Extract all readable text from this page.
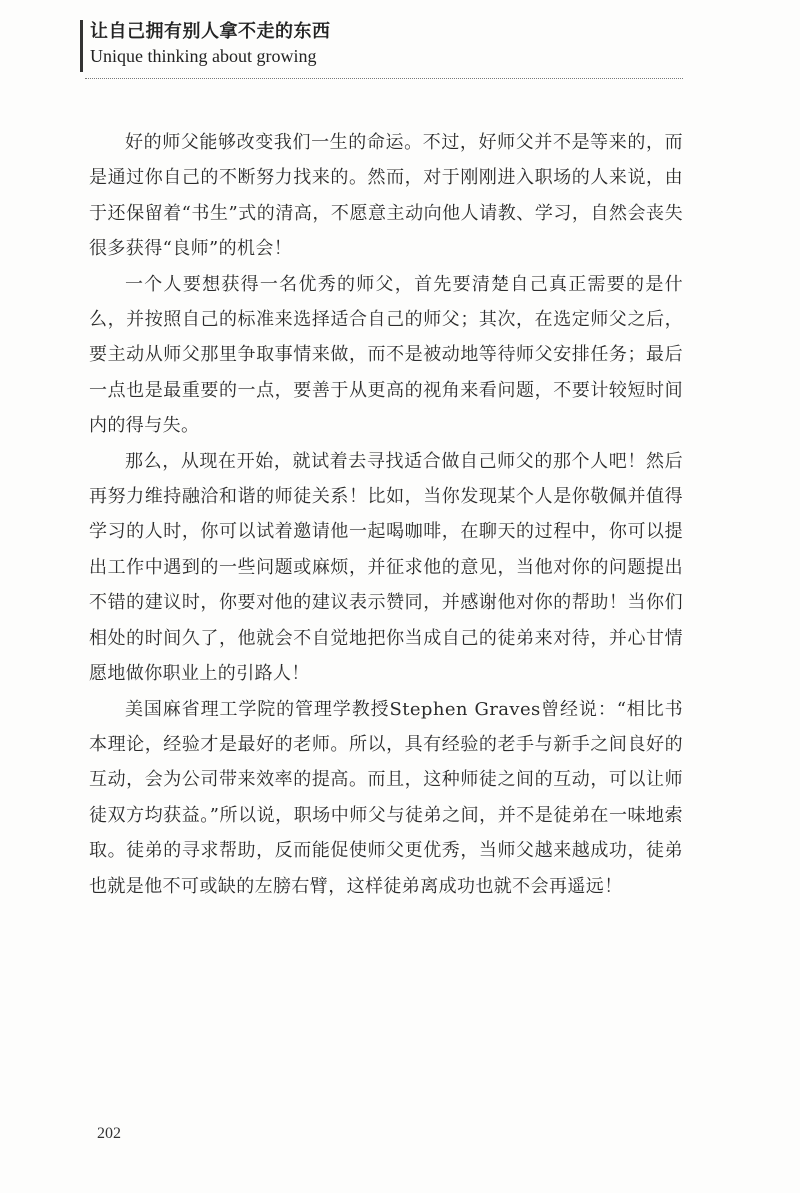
让自己拥有别人拿不走的东西
Unique thinking about growing

好的师父能够改变我们一生的命运。不过，好师父并不是等来的，而是通过你自己的不断努力找来的。然而，对于刚刚进入职场的人来说，由于还保留着“书生”式的清高，不愿意主动向他人请教、学习，自然会丧失很多获得“良师”的机会！

一个人要想获得一名优秀的师父，首先要清楚自己真正需要的是什么，并按照自己的标准来选择适合自己的师父；其次，在选定师父之后，要主动从师父那里争取事情来做，而不是被动地等待师父安排任务；最后一点也是最重要的一点，要善于从更高的视角来看问题，不要计较短时间内的得与失。

那么，从现在开始，就试着去寻找适合做自己师父的那个人吧！然后再努力维持融洽和谐的师徒关系！比如，当你发现某个人是你敬佩并值得学习的人时，你可以试着邀请他一起喝咖啡，在聊天的过程中，你可以提出工作中遇到的一些问题或麻烦，并征求他的意见，当他对你的问题提出不错的建议时，你要对他的建议表示赞同，并感谢他对你的帮助！当你们相处的时间久了，他就会不自觉地把你当成自己的徒弟来对待，并心甘情愿地做你职业上的引路人！

美国麻省理工学院的管理学教授Stephen Graves曾经说：“相比书本理论，经验才是最好的老师。所以，具有经验的老手与新手之间良好的互动，会为公司带来效率的提高。而且，这种师徒之间的互动，可以让师徒双方均获益。”所以说，职场中师父与徒弟之间，并不是徒弟在一味地索取。徒弟的寻求帮助，反而能促使师父更优秀，当师父越来越成功，徒弟也就是他不可或缺的左膀右臂，这样徒弟离成功也就不会再遥远！

202
